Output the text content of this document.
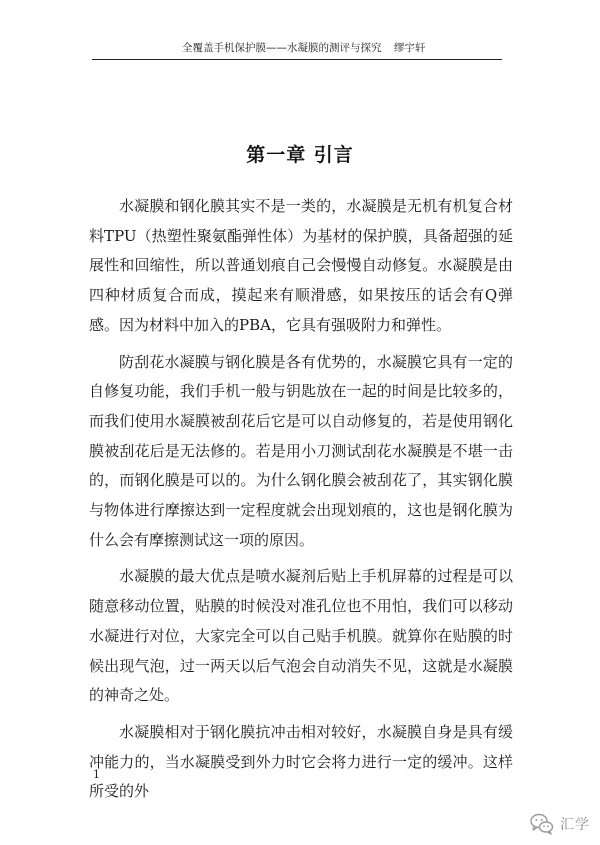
全覆盖手机保护膜——水凝膜的测评与探究 缪宇轩
第一章 引言

水凝膜和钢化膜其实不是一类的，水凝膜是无机有机复合材料TPU（热塑性聚氨酯弹性体）为基材的保护膜，具备超强的延展性和回缩性，所以普通划痕自己会慢慢自动修复。水凝膜是由四种材质复合而成，摸起来有顺滑感，如果按压的话会有Q弹感。因为材料中加入的PBA，它具有强吸附力和弹性。

防刮花水凝膜与钢化膜是各有优势的，水凝膜它具有一定的自修复功能，我们手机一般与钥匙放在一起的时间是比较多的，而我们使用水凝膜被刮花后它是可以自动修复的，若是使用钢化膜被刮花后是无法修的。若是用小刀测试刮花水凝膜是不堪一击的，而钢化膜是可以的。为什么钢化膜会被刮花了，其实钢化膜与物体进行摩擦达到一定程度就会出现划痕的，这也是钢化膜为什么会有摩擦测试这一项的原因。

水凝膜的最大优点是喷水凝剂后贴上手机屏幕的过程是可以随意移动位置，贴膜的时候没对准孔位也不用怕，我们可以移动水凝进行对位，大家完全可以自己贴手机膜。就算你在贴膜的时候出现气泡，过一两天以后气泡会自动消失不见，这就是水凝膜的神奇之处。

水凝膜相对于钢化膜抗冲击相对较好，水凝膜自身是具有缓冲能力的，当水凝膜受到外力时它会将力进行一定的缓冲。这样所受的外

1
汇学
